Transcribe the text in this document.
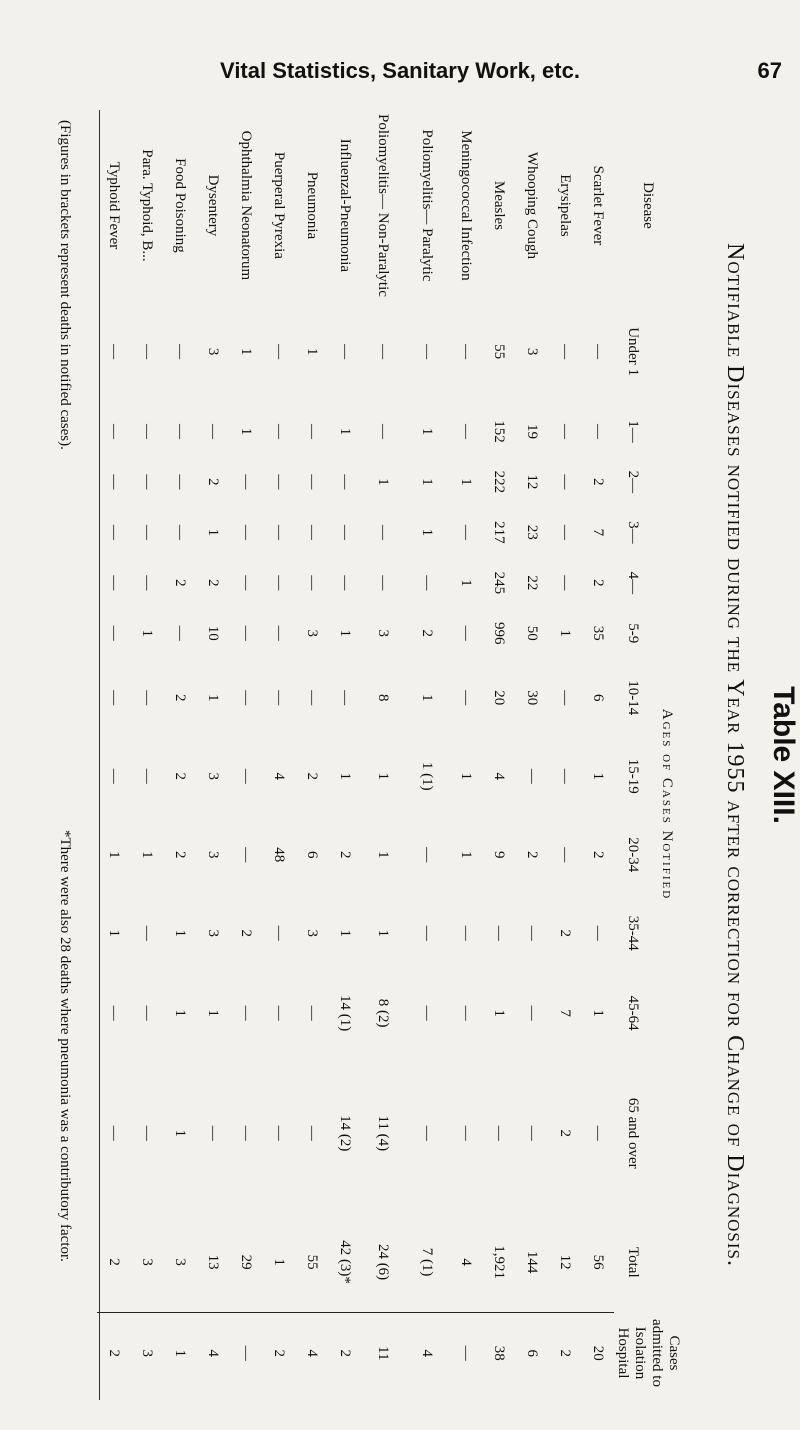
Vital Statistics, Sanitary Work, etc.	67
Table XIII.
Notifiable Diseases notified during the Year 1955 after correction for Change of Diagnosis.
Disease	Ages of Cases Notified													Cases admitted to Isolation Hospital
	Under 1	1—	2—	3—	4—	5-9	10-14	15-19	20-34	35-44	45-64	65 and over	Total	
Scarlet Fever	—	—	2	7	2	35	6	1	2	—	1	—	56	20
Erysipelas	—	—	—	—	—	1	—	—	—	2	7	2	12	2
Whooping Cough	3	19	12	23	22	50	30	—	2	—	—	—	144	6
Measles	55	152	222	217	245	996	20	4	9	—	1	—	1,921	38
Meningococcal Infection	—	—	1	—	1	—	—	1	1	—	—	—	4	—
Poliomyelitis— Paralytic	—	1	1	1	—	2	1	1 (1)	—	—	—	—	7 (1)	4
Poliomyelitis— Non-Paralytic	—	—	1	—	—	3	8	1	1	1	8 (2)	11 (4)	24 (6)	11
Influenzal-Pneumonia	—	1	—	—	—	1	—	1	2	1	14 (1)	14 (2)	42 (3)*	2
Pneumonia	1	—	—	—	—	3	—	2	6	3	—	—	55	4
Puerperal Pyrexia	—	—	—	—	—	—	—	4	48	—	—	—	1	2
Ophthalmia Neonatorum	1	1	—	—	—	—	—	—	—	2	—	—	29	—
Dysentery	3	—	2	1	2	10	1	3	3	3	1	—	13	4
Food Poisoning	—	—	—	—	2	—	2	2	2	1	1	1	3	1
Para. Typhoid, B...	—	—	—	—	—	1	—	—	1	—	—	—	3	3
Typhoid Fever	—	—	—	—	—	—	—	—	1	1	—	—	2	2
(Figures in brackets represent deaths in notified cases).
*There were also 28 deaths where pneumonia was a contributory factor.
